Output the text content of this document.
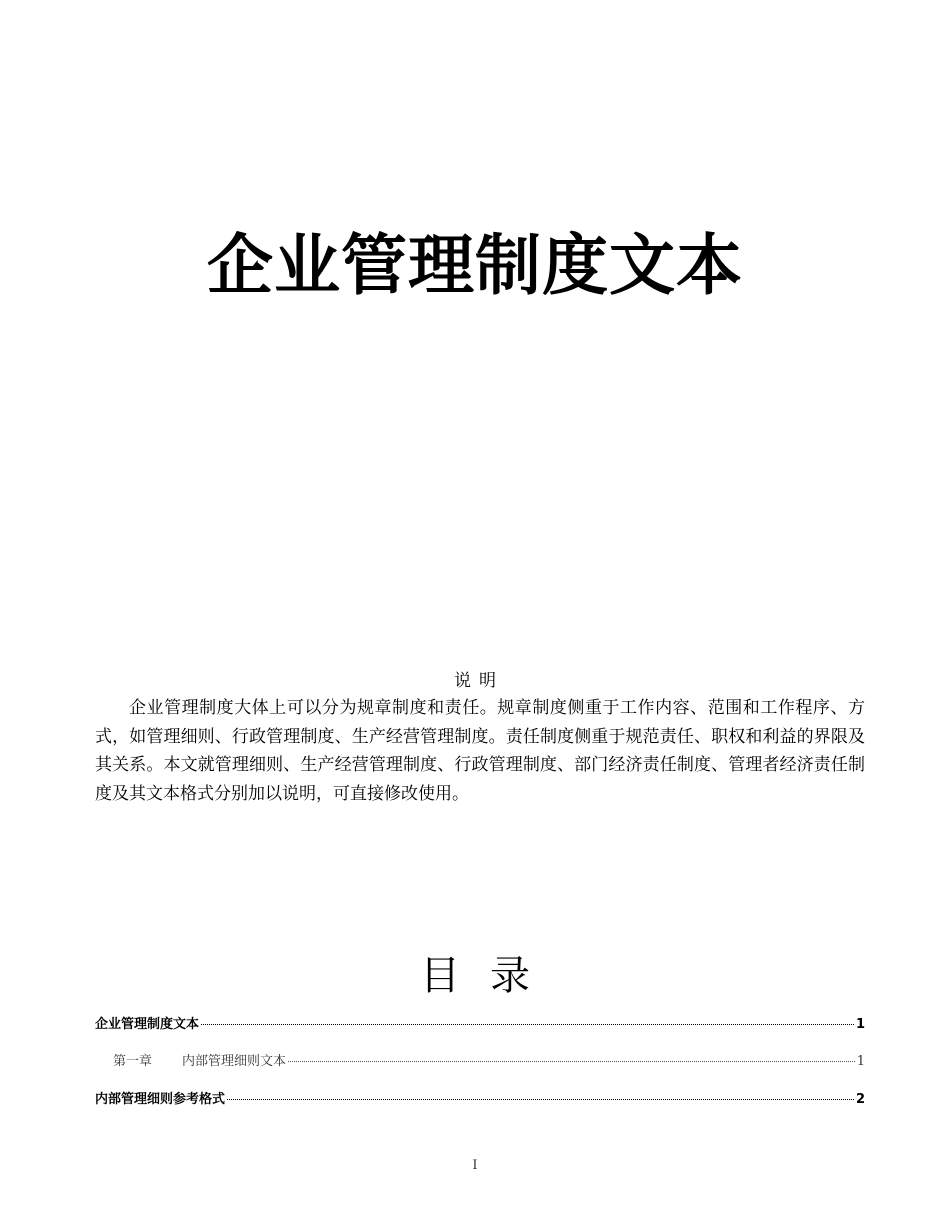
企业管理制度文本
说明

企业管理制度大体上可以分为规章制度和责任。规章制度侧重于工作内容、范围和工作程序、方式，如管理细则、行政管理制度、生产经营管理制度。责任制度侧重于规范责任、职权和利益的界限及其关系。本文就管理细则、生产经营管理制度、行政管理制度、部门经济责任制度、管理者经济责任制度及其文本格式分别加以说明，可直接修改使用。

目录
企业管理制度文本	1
第一章 内部管理细则文本	1
内部管理细则参考格式	2
I
